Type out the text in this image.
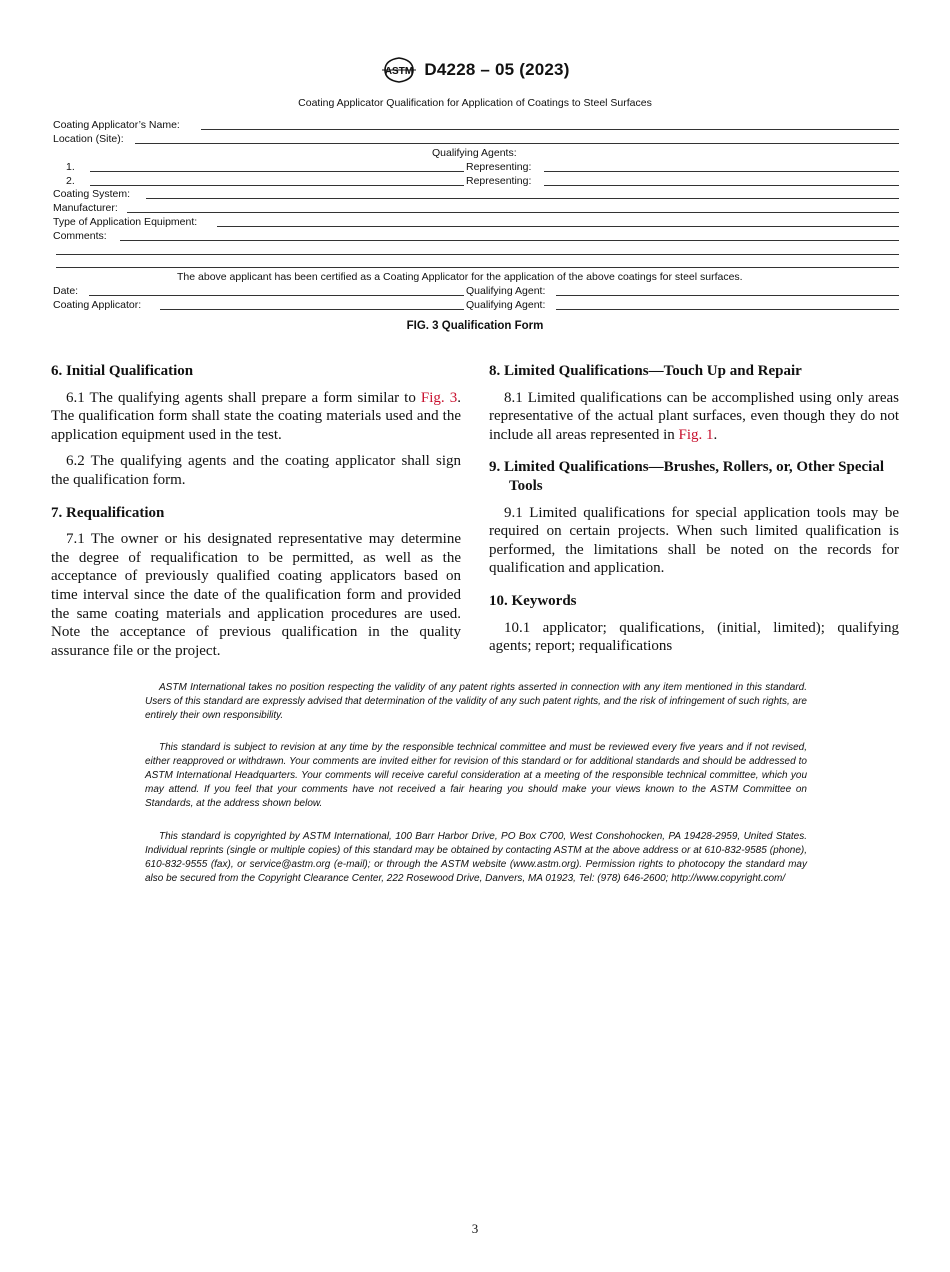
ASTM D4228 – 05 (2023)
Coating Applicator Qualification for Application of Coatings to Steel Surfaces
Coating Applicator’s Name:
Location (Site):
Qualifying Agents:
1.	Representing:
2.	Representing:
Coating System:
Manufacturer:
Type of Application Equipment:
Comments:
The above applicant has been certified as a Coating Applicator for the application of the above coatings for steel surfaces.
Date:	Qualifying Agent:
Coating Applicator:	Qualifying Agent:
FIG. 3 Qualification Form
6. Initial Qualification

6.1 The qualifying agents shall prepare a form similar to Fig. 3. The qualification form shall state the coating materials used and the application equipment used in the test.

6.2 The qualifying agents and the coating applicator shall sign the qualification form.

7. Requalification

7.1 The owner or his designated representative may determine the degree of requalification to be permitted, as well as the acceptance of previously qualified coating applicators based on time interval since the date of the qualification form and provided the same coating materials and application procedures are used. Note the acceptance of previous qualification in the quality assurance file or the project.

8. Limited Qualifications—Touch Up and Repair

8.1 Limited qualifications can be accomplished using only areas representative of the actual plant surfaces, even though they do not include all areas represented in Fig. 1.

9. Limited Qualifications—Brushes, Rollers, or, Other Special Tools

9.1 Limited qualifications for special application tools may be required on certain projects. When such limited qualification is performed, the limitations shall be noted on the records for qualification and application.

10. Keywords

10.1 applicator; qualifications, (initial, limited); qualifying agents; report; requalifications

ASTM International takes no position respecting the validity of any patent rights asserted in connection with any item mentioned in this standard. Users of this standard are expressly advised that determination of the validity of any such patent rights, and the risk of infringement of such rights, are entirely their own responsibility.

This standard is subject to revision at any time by the responsible technical committee and must be reviewed every five years and if not revised, either reapproved or withdrawn. Your comments are invited either for revision of this standard or for additional standards and should be addressed to ASTM International Headquarters. Your comments will receive careful consideration at a meeting of the responsible technical committee, which you may attend. If you feel that your comments have not received a fair hearing you should make your views known to the ASTM Committee on Standards, at the address shown below.

This standard is copyrighted by ASTM International, 100 Barr Harbor Drive, PO Box C700, West Conshohocken, PA 19428-2959, United States. Individual reprints (single or multiple copies) of this standard may be obtained by contacting ASTM at the above address or at 610-832-9585 (phone), 610-832-9555 (fax), or service@astm.org (e-mail); or through the ASTM website (www.astm.org). Permission rights to photocopy the standard may also be secured from the Copyright Clearance Center, 222 Rosewood Drive, Danvers, MA 01923, Tel: (978) 646-2600; http://www.copyright.com/

3
